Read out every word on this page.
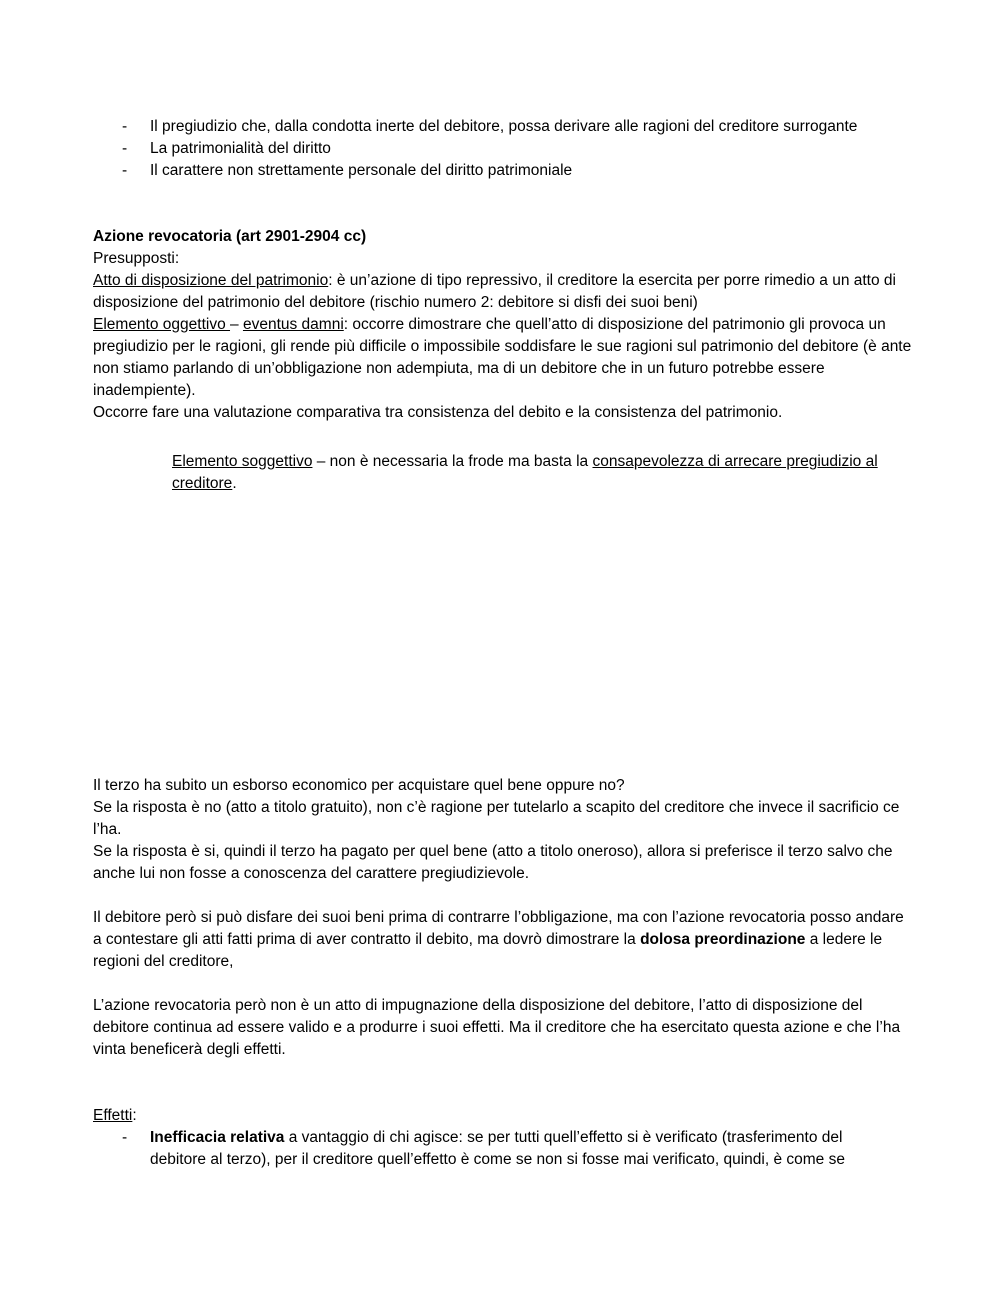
- Il pregiudizio che, dalla condotta inerte del debitore, possa derivare alle ragioni del creditore surrogante
- La patrimonialità del diritto
- Il carattere non strettamente personale del diritto patrimoniale

Azione revocatoria (art 2901-2904 cc)

Presupposti:

Atto di disposizione del patrimonio: è un’azione di tipo repressivo, il creditore la esercita per porre rimedio a un atto di disposizione del patrimonio del debitore (rischio numero 2: debitore si disfi dei suoi beni)

Elemento oggettivo – eventus damni: occorre dimostrare che quell’atto di disposizione del patrimonio gli provoca un pregiudizio per le ragioni, gli rende più difficile o impossibile soddisfare le sue ragioni sul patrimonio del debitore (è ante non stiamo parlando di un’obbligazione non adempiuta, ma di un debitore che in un futuro potrebbe essere inadempiente).

Occorre fare una valutazione comparativa tra consistenza del debito e la consistenza del patrimonio.

Elemento soggettivo – non è necessaria la frode ma basta la consapevolezza di arrecare pregiudizio al creditore.

Il terzo ha subito un esborso economico per acquistare quel bene oppure no?

Se la risposta è no (atto a titolo gratuito), non c’è ragione per tutelarlo a scapito del creditore che invece il sacrificio ce l’ha.

Se la risposta è si, quindi il terzo ha pagato per quel bene (atto a titolo oneroso), allora si preferisce il terzo salvo che anche lui non fosse a conoscenza del carattere pregiudizievole.

Il debitore però si può disfare dei suoi beni prima di contrarre l’obbligazione, ma con l’azione revocatoria posso andare a contestare gli atti fatti prima di aver contratto il debito, ma dovrò dimostrare la dolosa preordinazione a ledere le regioni del creditore,

L’azione revocatoria però non è un atto di impugnazione della disposizione del debitore, l’atto di disposizione del debitore continua ad essere valido e a produrre i suoi effetti. Ma il creditore che ha esercitato questa azione e che l’ha vinta beneficerà degli effetti.

Effetti:

- Inefficacia relativa a vantaggio di chi agisce: se per tutti quell’effetto si è verificato (trasferimento del debitore al terzo), per il creditore quell’effetto è come se non si fosse mai verificato, quindi, è come se
